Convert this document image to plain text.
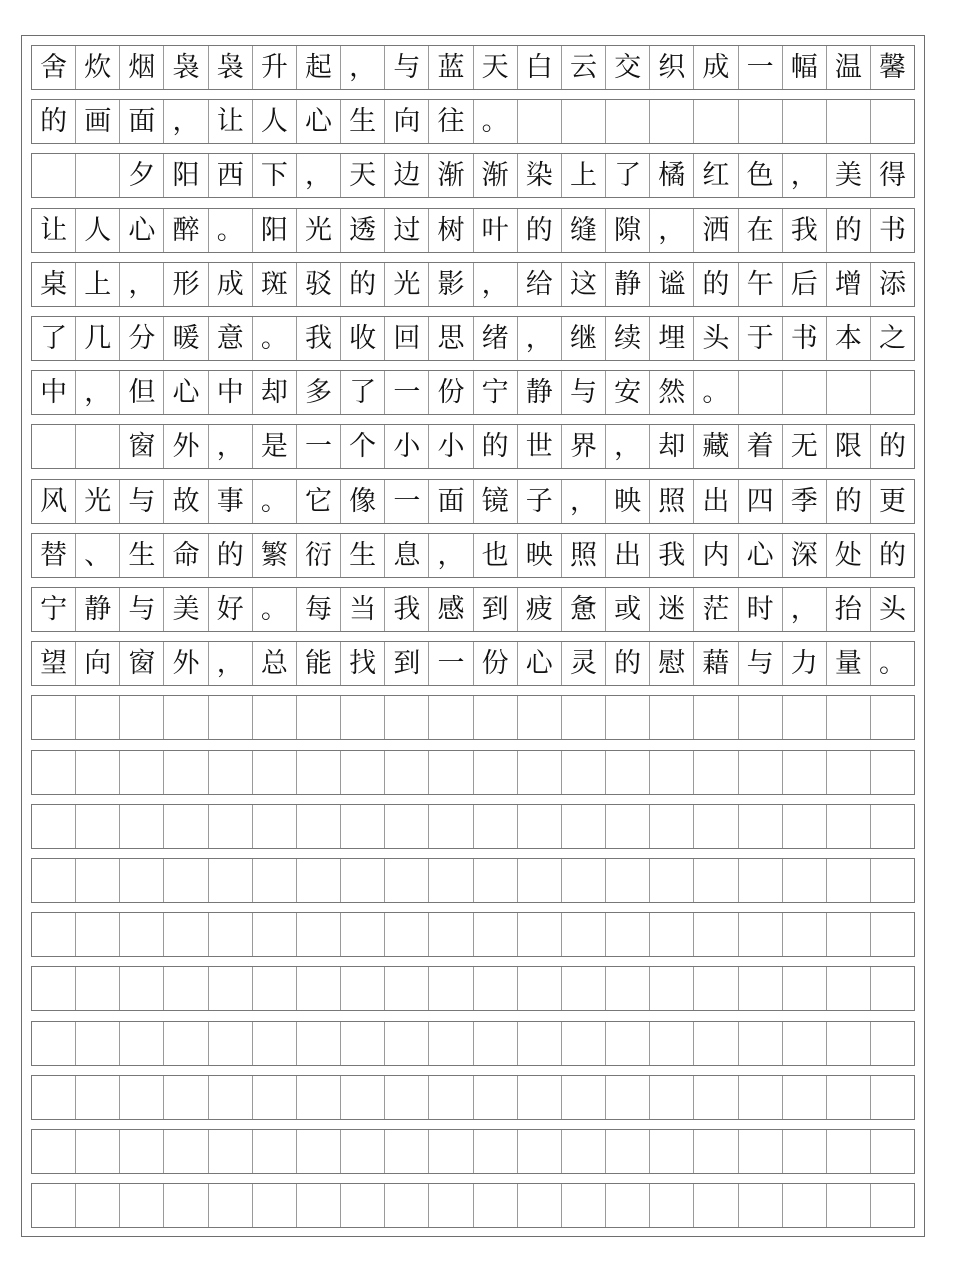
舍 炊 烟 袅 袅 升 起 ， 与 蓝 天 白 云 交 织 成 一 幅 温 馨
的 画 面 ， 让 人 心 生 向 往 。
夕 阳 西 下 ， 天 边 渐 渐 染 上 了 橘 红 色 ， 美 得
让 人 心 醉 。 阳 光 透 过 树 叶 的 缝 隙 ， 洒 在 我 的 书
桌 上 ， 形 成 斑 驳 的 光 影 ， 给 这 静 谧 的 午 后 增 添
了 几 分 暖 意 。 我 收 回 思 绪 ， 继 续 埋 头 于 书 本 之
中 ， 但 心 中 却 多 了 一 份 宁 静 与 安 然 。
窗 外 ， 是 一 个 小 小 的 世 界 ， 却 藏 着 无 限 的
风 光 与 故 事 。 它 像 一 面 镜 子 ， 映 照 出 四 季 的 更
替 、 生 命 的 繁 衍 生 息 ， 也 映 照 出 我 内 心 深 处 的
宁 静 与 美 好 。 每 当 我 感 到 疲 惫 或 迷 茫 时 ， 抬 头
望 向 窗 外 ， 总 能 找 到 一 份 心 灵 的 慰 藉 与 力 量 。
